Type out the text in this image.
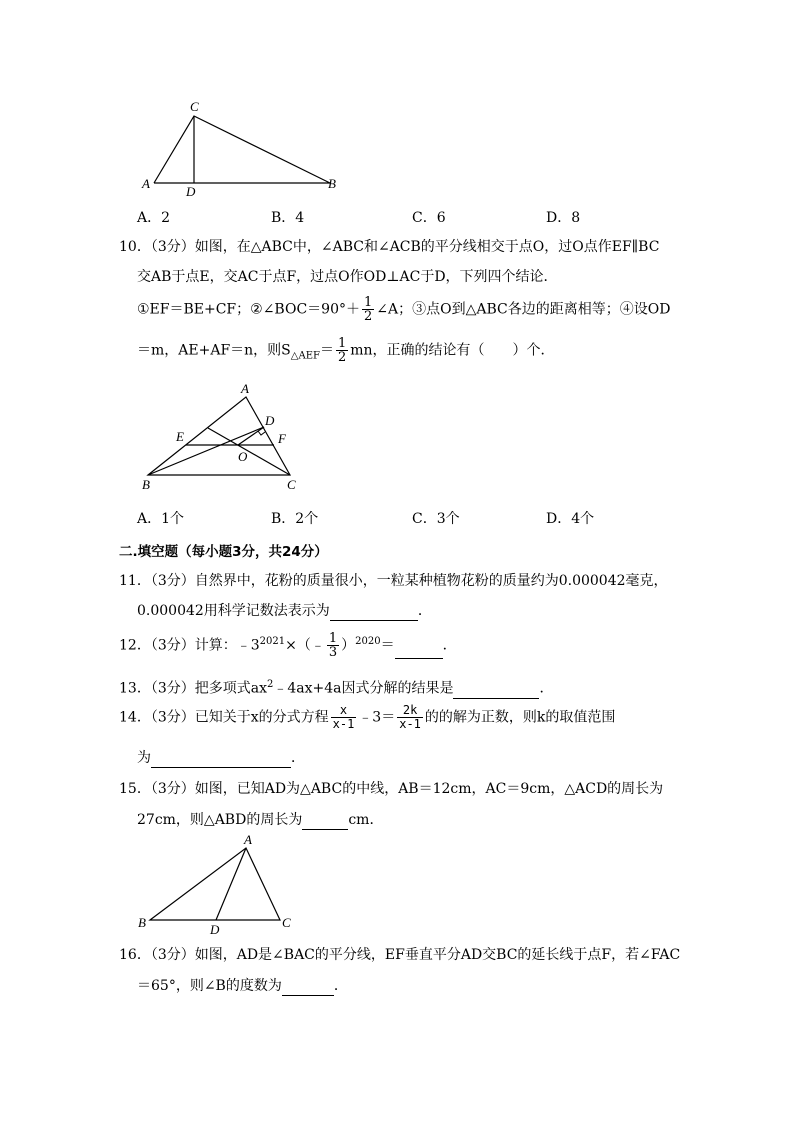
C
A
D
B
A．2	B．4	C．6	D．8
10．（3分）如图，在△ABC中，∠ABC和∠ACB的平分线相交于点O，过O点作EF∥BC
交AB于点E，交AC于点F，过点O作OD⊥AC于D，下列四个结论．
①EF＝BE+CF；②∠BOC＝90°＋ $\frac{1}{2}$ ∠A；③点O到△ABC各边的距离相等；④设OD
＝m，AE+AF＝n，则$S_{\triangle AEF}= \frac{1}{2}$ mn，正确的结论有（　　）个．
A
D
E	F
O
B	C
A．1个	B．2个	C．3个	D．4个
二.填空题（每小题3分，共24分）
11．（3分）自然界中，花粉的质量很小，一粒某种植物花粉的质量约为0.000042毫克，
0.000042用科学记数法表示为	．
12．（3分）计算：$﹣3^{2021}\times(﹣ \frac{1}{3} )^{2020}=$	．
13．（3分）把多项式$ax^2﹣4ax+4a$因式分解的结果是	．
14．（3分）已知关于x的分式方程 $\frac{x}{x-1}$ ﹣3＝ $\frac{2k}{x-1}$ 的的解为正数，则k的取值范围
为	．
15．（3分）如图，已知AD为△ABC的中线，AB＝12cm，AC＝9cm，△ACD的周长为
27cm，则△ABD的周长为	cm．
A
B	D	C
16．（3分）如图，AD是∠BAC的平分线，EF垂直平分AD交BC的延长线于点F，若∠FAC
＝65°，则∠B的度数为	．
